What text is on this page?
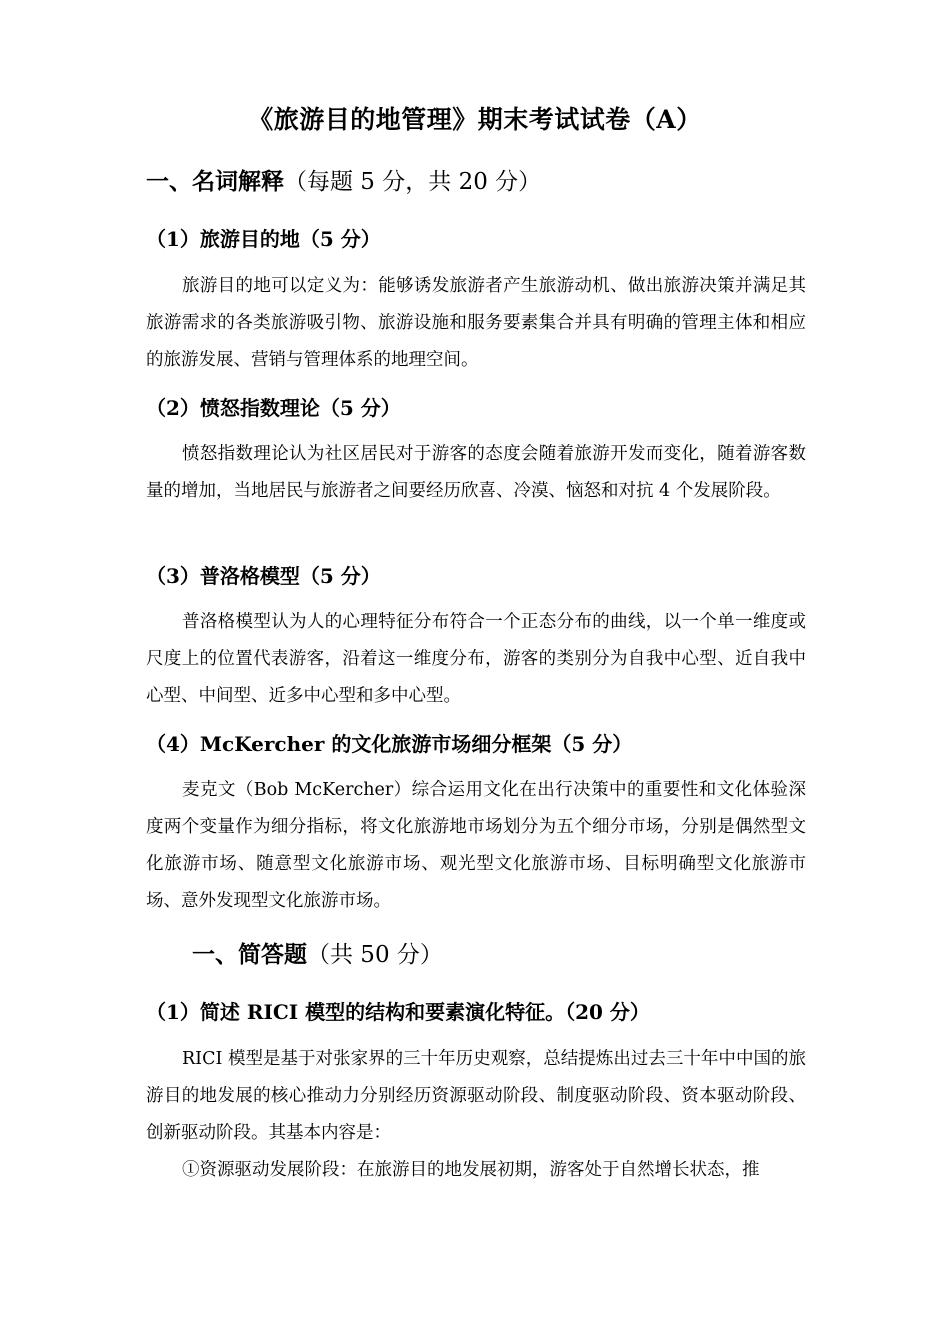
《旅游目的地管理》期末考试试卷（A）
一、名词解释（每题 5 分，共 20 分）
（1）旅游目的地（5 分）

旅游目的地可以定义为：能够诱发旅游者产生旅游动机、做出旅游决策并满足其旅游需求的各类旅游吸引物、旅游设施和服务要素集合并具有明确的管理主体和相应的旅游发展、营销与管理体系的地理空间。

（2）愤怒指数理论（5 分）

愤怒指数理论认为社区居民对于游客的态度会随着旅游开发而变化，随着游客数量的增加，当地居民与旅游者之间要经历欣喜、冷漠、恼怒和对抗 4 个发展阶段。

（3）普洛格模型（5 分）

普洛格模型认为人的心理特征分布符合一个正态分布的曲线，以一个单一维度或尺度上的位置代表游客，沿着这一维度分布，游客的类别分为自我中心型、近自我中心型、中间型、近多中心型和多中心型。

（4）McKercher 的文化旅游市场细分框架（5 分）

麦克文（Bob McKercher）综合运用文化在出行决策中的重要性和文化体验深度两个变量作为细分指标，将文化旅游地市场划分为五个细分市场，分别是偶然型文化旅游市场、随意型文化旅游市场、观光型文化旅游市场、目标明确型文化旅游市场、意外发现型文化旅游市场。

一、简答题（共 50 分）
（1）简述 RICI 模型的结构和要素演化特征。（20 分）

RICI 模型是基于对张家界的三十年历史观察，总结提炼出过去三十年中中国的旅游目的地发展的核心推动力分别经历资源驱动阶段、制度驱动阶段、资本驱动阶段、创新驱动阶段。其基本内容是：

①资源驱动发展阶段：在旅游目的地发展初期，游客处于自然增长状态，推
